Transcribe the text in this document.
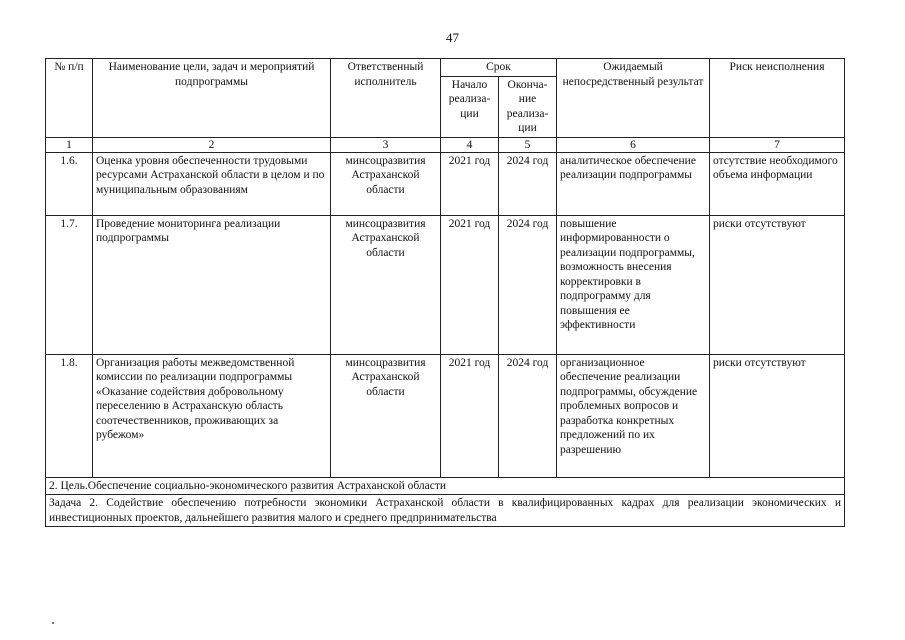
47
№ п/п	Наименование цели, задач и мероприятий подпрограммы	Ответственный исполнитель	Срок		Ожидаемый непосредственный результат	Риск неисполнения
			Начало реализа-ции	Оконча-ние реализа-ции		
1	2	3	4	5	6	7
1.6.	Оценка уровня обеспеченности трудовыми ресурсами Астраханской области в целом и по муниципальным образованиям	минсоцразвития Астраханской области	2021 год	2024 год	аналитическое обеспечение реализации подпрограммы	отсутствие необходимого объема информации
1.7.	Проведение мониторинга реализации подпрограммы	минсоцразвития Астраханской области	2021 год	2024 год	повышение информированности о реализации подпрограммы, возможность внесения корректировки в подпрограмму для повышения ее эффективности	риски отсутствуют
1.8.	Организация работы межведомственной комиссии по реализации подпрограммы «Оказание содействия добровольному переселению в Астраханскую область соотечественников, проживающих за рубежом»	минсоцразвития Астраханской области	2021 год	2024 год	организационное обеспечение реализации подпрограммы, обсуждение проблемных вопросов и разработка конкретных предложений по их разрешению	риски отсутствуют
2. Цель.Обеспечение социально-экономического развития Астраханской области						
Задача 2. Содействие обеспечению потребности экономики Астраханской области в квалифицированных кадрах для реализации экономических и инвестиционных проектов, дальнейшего развития малого и среднего предпринимательства						
